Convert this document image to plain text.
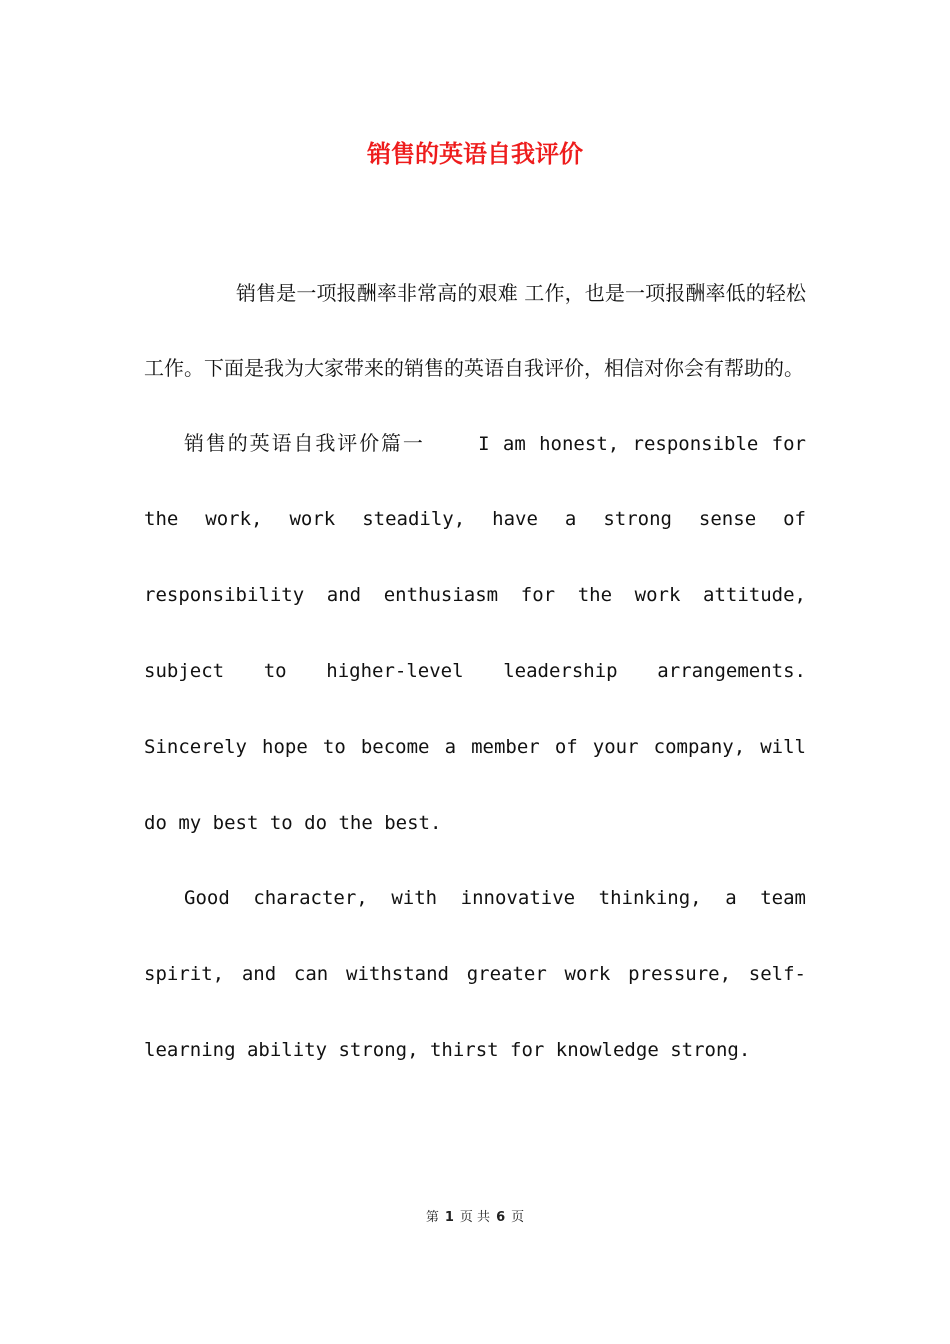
销售的英语自我评价

销售是一项报酬率非常高的艰难 工作，也是一项报酬率低的轻松工作。下面是我为大家带来的销售的英语自我评价，相信对你会有帮助的。

销售的英语自我评价篇一	I am honest, responsible for the work, work steadily, have a strong sense of responsibility and enthusiasm for the work attitude, subject to higher-level leadership arrangements. Sincerely hope to become a member of your company, will do my best to do the best.

Good character, with innovative thinking, a team spirit, and can withstand greater work pressure, self-learning ability strong, thirst for knowledge strong.

第 1 页 共 6 页
